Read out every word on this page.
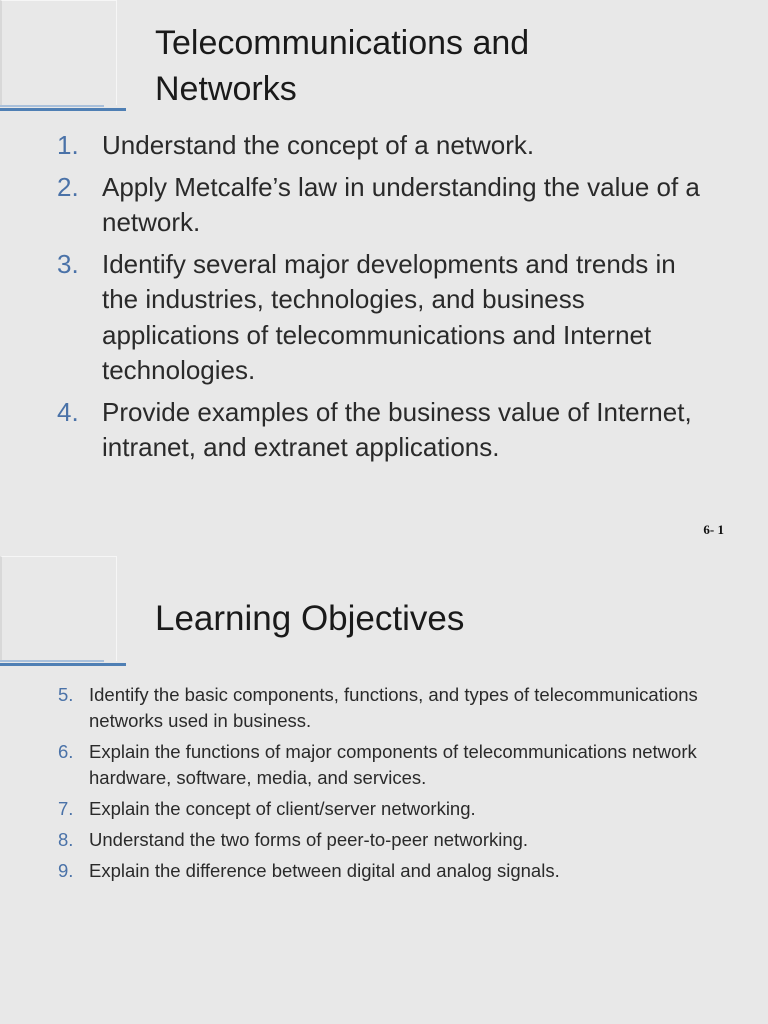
Telecommunications and Networks
1. Understand the concept of a network.
2. Apply Metcalfe’s law in understanding the value of a network.
3. Identify several major developments and trends in the industries, technologies, and business applications of telecommunications and Internet technologies.
4. Provide examples of the business value of Internet, intranet, and extranet applications.
6- 1
Learning Objectives
5. Identify the basic components, functions, and types of telecommunications networks used in business.
6. Explain the functions of major components of telecommunications network hardware, software, media, and services.
7. Explain the concept of client/server networking.
8. Understand the two forms of peer-to-peer networking.
9. Explain the difference between digital and analog signals.
